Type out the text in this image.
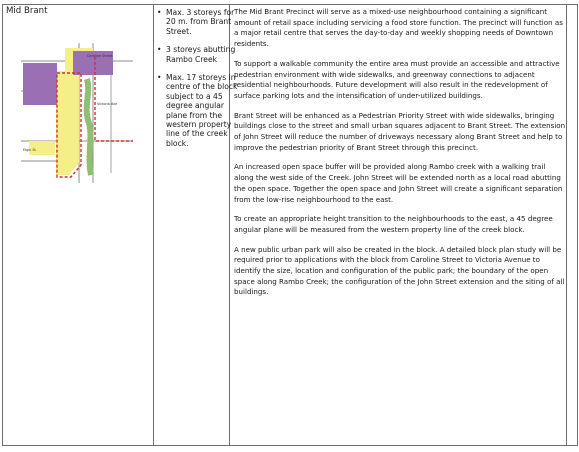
Mid Brant
Caroline Street
Victoria Ave
Elgin St

• Max. 3 storeys for 20 m. from Brant Street.
• 3 storeys abutting Rambo Creek
• Max. 17 storeys in centre of the block subject to a 45 degree angular plane from the western property line of the creek block.

The Mid Brant Precinct will serve as a mixed-use neighbourhood containing a significant amount of retail space including servicing a food store function. The precinct will function as a major retail centre that serves the day-to-day and weekly shopping needs of Downtown residents.

To support a walkable community the entire area must provide an accessible and attractive pedestrian environment with wide sidewalks, and greenway connections to adjacent residential neighbourhoods. Future development will also result in the redevelopment of surface parking lots and the intensification of under-utilized buildings.

Brant Street will be enhanced as a Pedestrian Priority Street with wide sidewalks, bringing buildings close to the street and small urban squares adjacent to Brant Street. The extension of John Street will reduce the number of driveways necessary along Brant Street and help to improve the pedestrian priority of Brant Street through this precinct.

An increased open space buffer will be provided along Rambo creek with a walking trail along the west side of the Creek. John Street will be extended north as a local road abutting the open space. Together the open space and John Street will create a significant separation from the low-rise neighbourhood to the east.

To create an appropriate height transition to the neighbourhoods to the east, a 45 degree angular plane will be measured from the western property line of the creek block.

A new public urban park will also be created in the block. A detailed block plan study will be required prior to applications with the block from Caroline Street to Victoria Avenue to identify the size, location and configuration of the public park; the boundary of the open space along Rambo Creek; the configuration of the John Street extension and the siting of all buildings.
